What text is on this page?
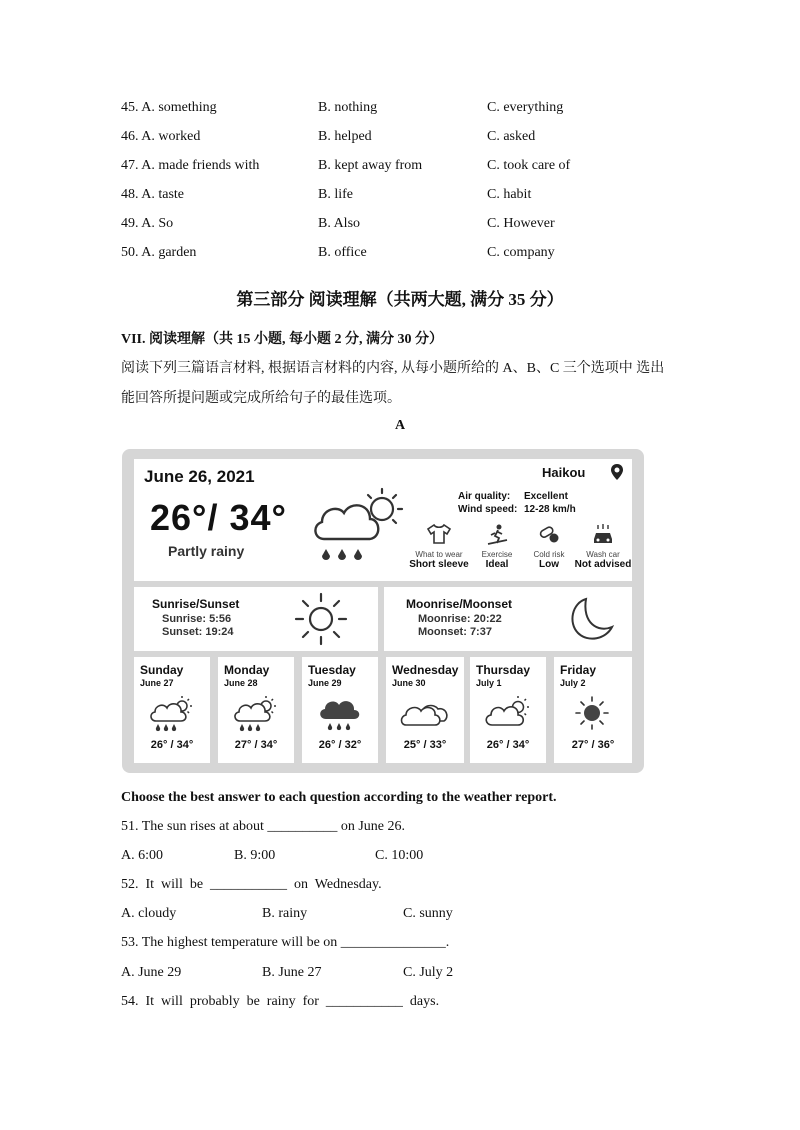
45. A. something	B. nothing	C. everything
46. A. worked	B. helped	C. asked
47. A. made friends with	B. kept away from	C. took care of
48. A. taste	B. life	C. habit
49. A. So	B. Also	C. However
50. A. garden	B. office	C. company
第三部分 阅读理解（共两大题, 满分 35 分）
VII. 阅读理解（共 15 小题, 每小题 2 分, 满分 30 分）
阅读下列三篇语言材料, 根据语言材料的内容, 从每小题所给的 A、B、C 三个选项中 选出
能回答所提问题或完成所给句子的最佳选项。
A
June 26, 2021
26°/ 34°
Partly rainy
Haikou
Air quality: Excellent
Wind speed: 12-28 km/h
What to wear
Short sleeve
Exercise
Ideal
Cold risk
Low
Wash car
Not advised
Sunrise/Sunset
Sunrise: 5:56
Sunset: 19:24
Moonrise/Moonset
Moonrise: 20:22
Moonset: 7:37
Sunday
June 27
26° / 34°
Monday
June 28
27° / 34°
Tuesday
June 29
26° / 32°
Wednesday
June 30
25° / 33°
Thursday
July 1
26° / 34°
Friday
July 2
27° / 36°
Choose the best answer to each question according to the weather report.
51. The sun rises at about __________ on June 26.
A. 6:00	B. 9:00	C. 10:00
52.  It  will  be  ___________  on  Wednesday.
A. cloudy	B. rainy	C. sunny
53. The highest temperature will be on _______________.
A. June 29	B. June 27	C. July 2
54.  It  will  probably  be  rainy  for  ___________  days.
